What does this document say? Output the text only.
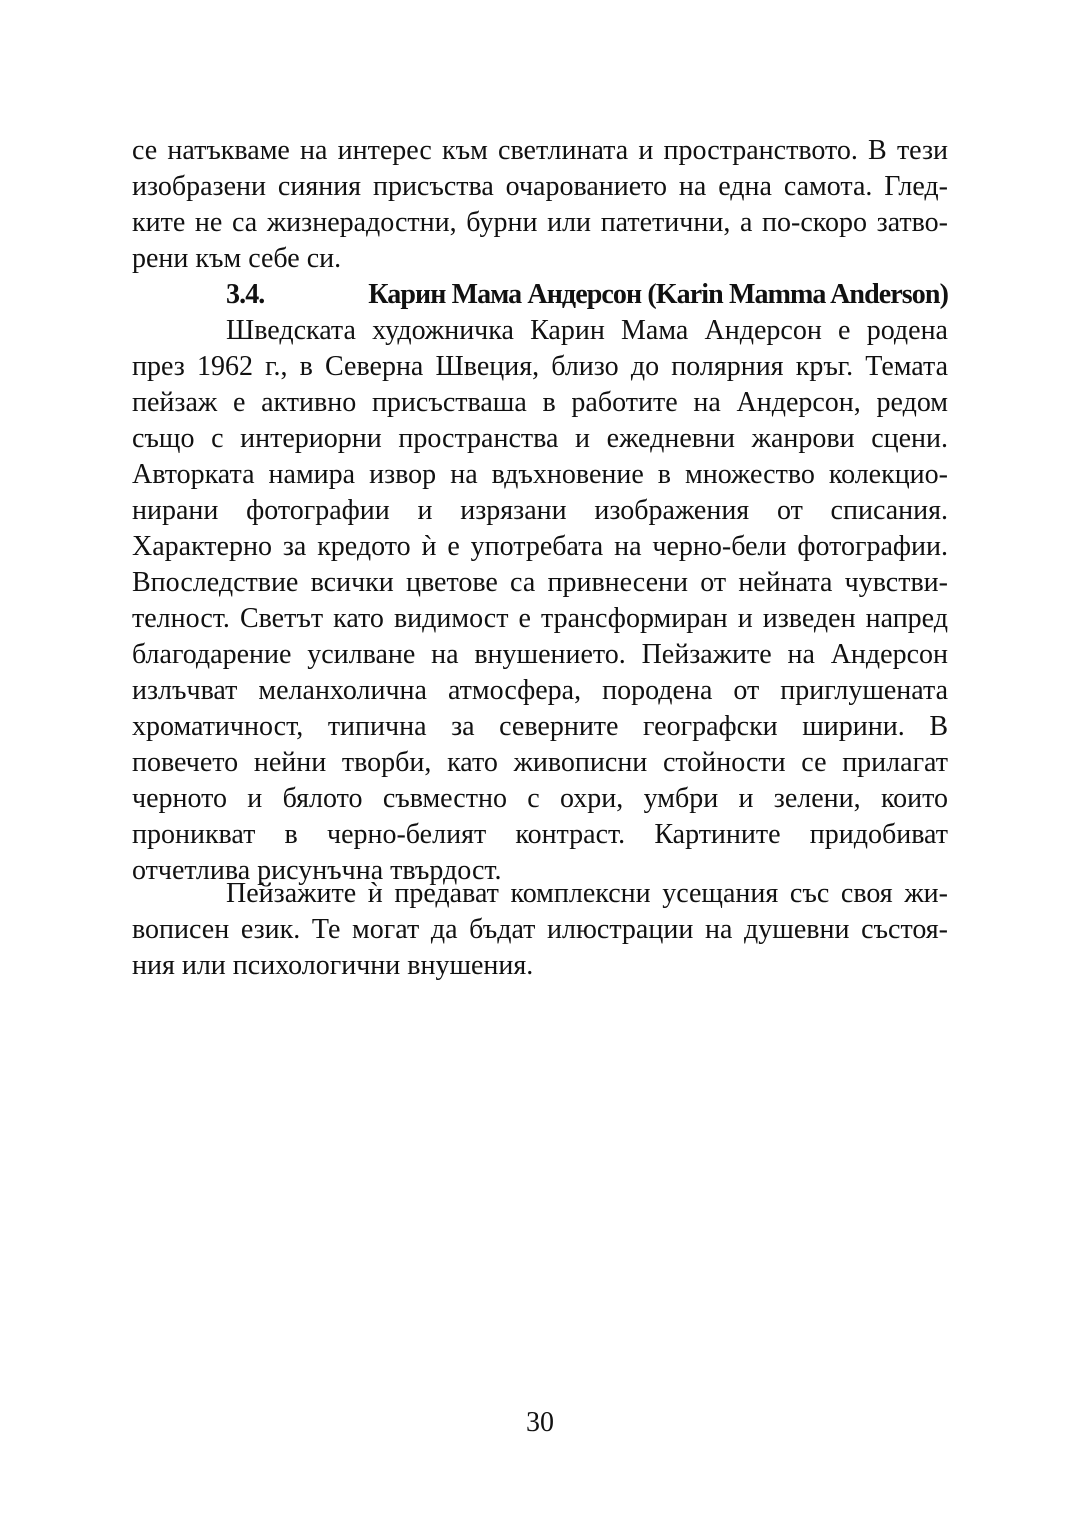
се натъкваме на интерес към светлината и пространството. В тези
изобразени сияния присъства очарованието на една самота. Глед-
ките не са жизнерадостни, бурни или патетични, а по-скоро затво-
рени към себе си.
3.4.	Карин Мама Андерсон (Karin Mamma Anderson)
Шведската художничка Карин Мама Андерсон е родена
през 1962 г., в Северна Швеция, близо до полярния кръг. Темата
пейзаж е активно присъстваша в работите на Андерсон, редом
също с интериорни пространства и ежедневни жанрови сцени.
Авторката намира извор на вдъхновение в множество колекцио-
нирани фотографии и изрязани изображения от списания.
Характерно за кредото ѝ е употребата на черно-бели фотографии.
Впоследствие всички цветове са привнесени от нейната чувстви-
телност. Светът като видимост е трансформиран и изведен напред
благодарение усилване на внушението. Пейзажите на Андерсон
излъчват меланхолична атмосфера, породена от приглушената
хроматичност, типична за северните географски ширини. В
повечето нейни творби, като живописни стойности се прилагат
черното и бялото съвместно с охри, умбри и зелени, които
проникват в черно-белият контраст. Картините придобиват
отчетлива рисунъчна твърдост.
Пейзажите ѝ предават комплексни усещания със своя жи-
вописен език. Те могат да бъдат илюстрации на душевни състоя-
ния или психологични внушения.
30
